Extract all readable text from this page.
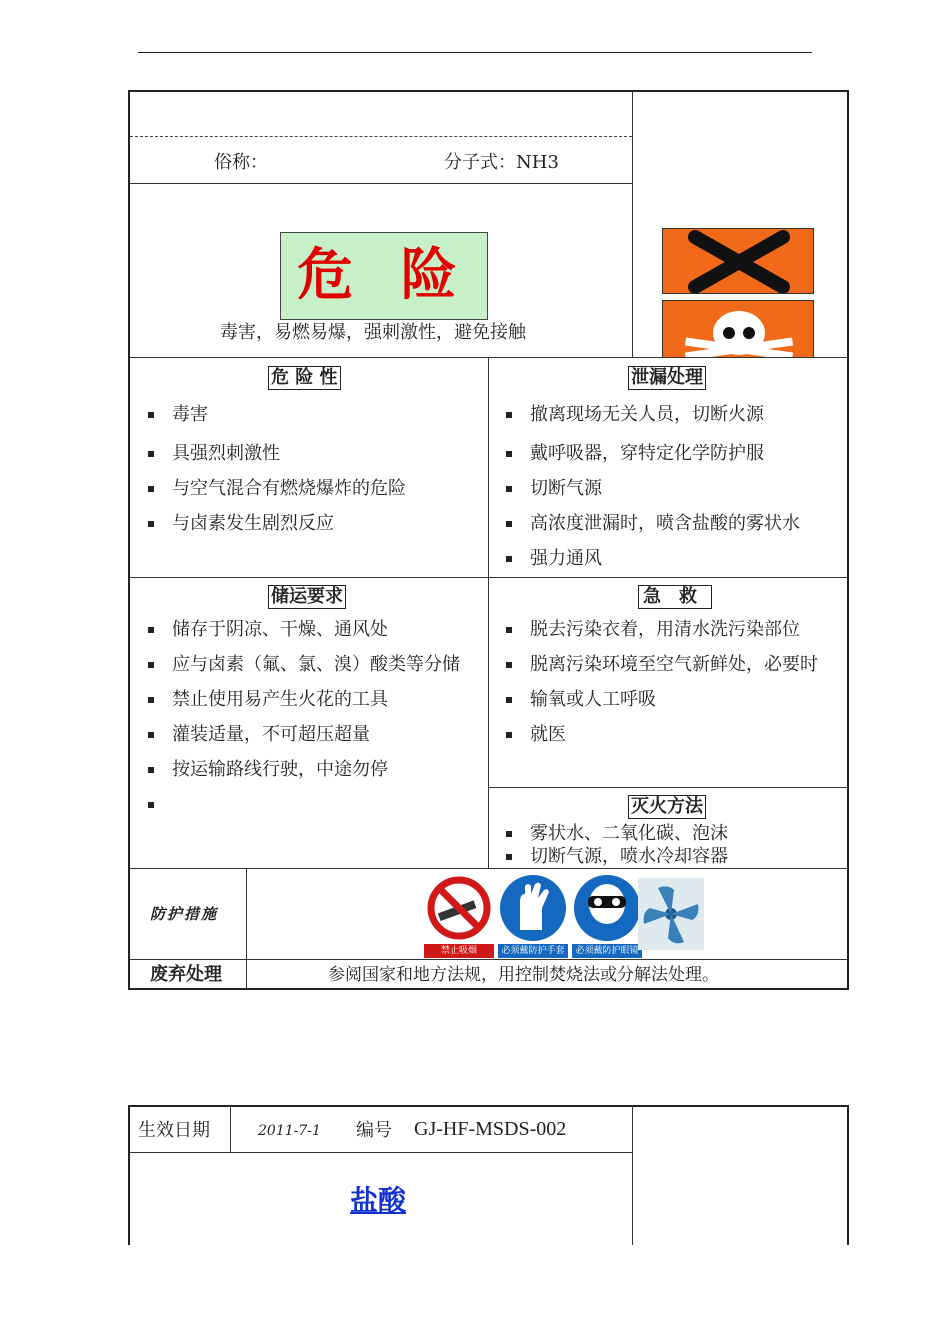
俗称：	分子式：NH3
危 险
毒害，易燃易爆，强刺激性，避免接触
危 险 性
毒害
具强烈刺激性
与空气混合有燃烧爆炸的危险
与卤素发生剧烈反应
泄漏处理
撤离现场无关人员，切断火源
戴呼吸器，穿特定化学防护服
切断气源
高浓度泄漏时，喷含盐酸的雾状水
强力通风
储运要求
储存于阴凉、干燥、通风处
应与卤素（氟、氯、溴）酸类等分储
禁止使用易产生火花的工具
灌装适量，不可超压超量
按运输路线行驶，中途勿停
急　救
脱去污染衣着，用清水洗污染部位
脱离污染环境至空气新鲜处，必要时
输氧或人工呼吸
就医
灭火方法
雾状水、二氧化碳、泡沫
切断气源，喷水冷却容器
防护措施
禁止吸烟	必须戴防护手套	必须戴防护眼镜
废弃处理	参阅国家和地方法规，用控制焚烧法或分解法处理。
生效日期	2011-7-1 编号 GJ-HF-MSDS-002
盐酸
